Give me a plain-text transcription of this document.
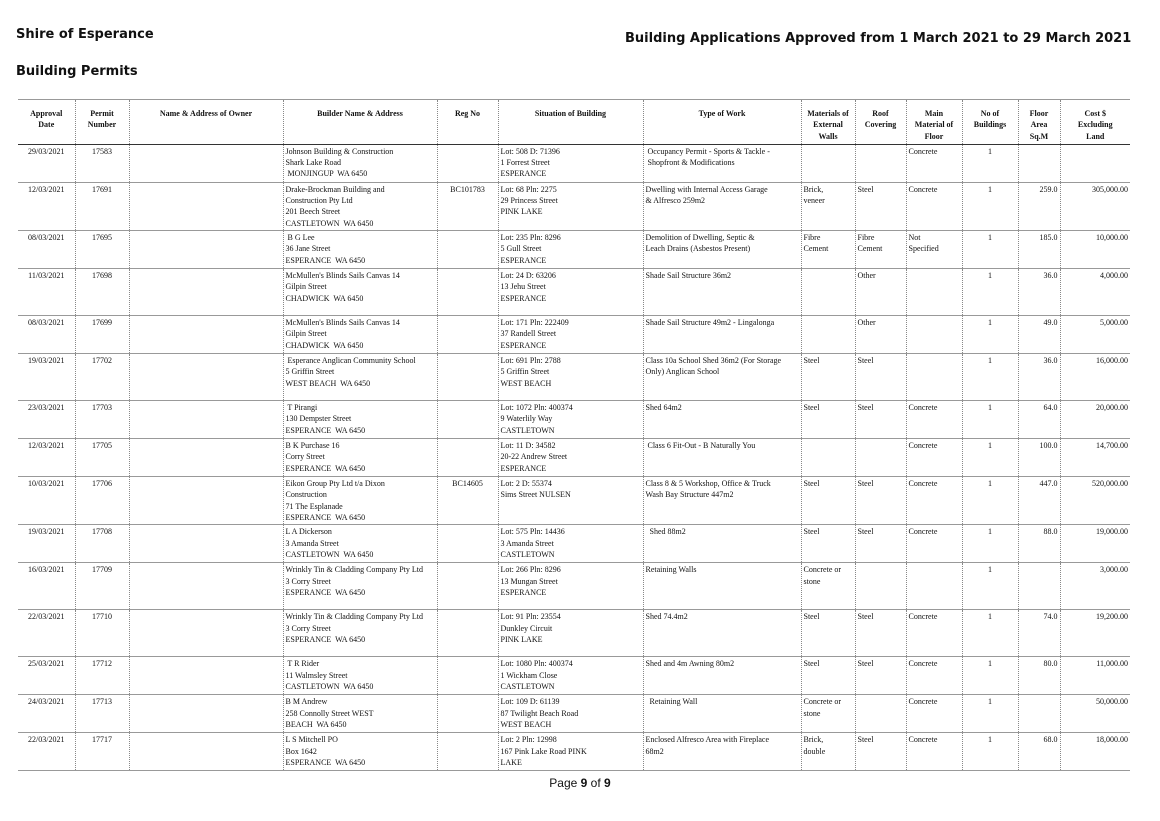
Shire of Esperance
Building Permits
Building Applications Approved from 1 March 2021 to 29 March 2021
Approval
Date	Permit
Number	Name & Address of Owner	Builder Name & Address	Reg No	Situation of Building	Type of Work	Materials of
External
Walls	Roof
Covering	Main
Material of
Floor	No of
Buildings	Floor
Area
Sq.M	Cost $
Excluding
Land

29/03/2021	17583		Johnson Building & Construction
Shark Lake Road
MONJINGUP  WA 6450		Lot: 508 D: 71396
1 Forrest Street
ESPERANCE	Occupancy Permit - Sports & Tackle -
Shopfront & Modifications			Concrete	1		
12/03/2021	17691		Drake-Brockman Building and
Construction Pty Ltd
201 Beech Street
CASTLETOWN  WA 6450	BC101783	Lot: 68 Pln: 2275
29 Princess Street
PINK LAKE	Dwelling with Internal Access Garage
& Alfresco 259m2	Brick,
veneer	Steel	Concrete	1	259.0	305,000.00
08/03/2021	17695		B G Lee
36 Jane Street
ESPERANCE  WA 6450		Lot: 235 Pln: 8296
5 Gull Street
ESPERANCE	Demolition of Dwelling, Septic &
Leach Drains (Asbestos Present)	Fibre
Cement	Fibre
Cement	Not
Specified	1	185.0	10,000.00
11/03/2021	17698		McMullen's Blinds Sails Canvas 14
Gilpin Street
CHADWICK  WA 6450		Lot: 24 D: 63206
13 Jehu Street
ESPERANCE	Shade Sail Structure 36m2		Other		1	36.0	4,000.00
08/03/2021	17699		McMullen's Blinds Sails Canvas 14
Gilpin Street
CHADWICK  WA 6450		Lot: 171 Pln: 222409
37 Randell Street
ESPERANCE	Shade Sail Structure 49m2 - Lingalonga		Other		1	49.0	5,000.00
19/03/2021	17702		Esperance Anglican Community School
5 Griffin Street
WEST BEACH  WA 6450		Lot: 691 Pln: 2788
5 Griffin Street
WEST BEACH	Class 10a School Shed 36m2 (For Storage
Only) Anglican School	Steel	Steel		1	36.0	16,000.00
23/03/2021	17703		T Pirangi
130 Dempster Street
ESPERANCE  WA 6450		Lot: 1072 Pln: 400374
9 Waterlily Way
CASTLETOWN	Shed 64m2	Steel	Steel	Concrete	1	64.0	20,000.00
12/03/2021	17705		B K Purchase 16
Corry Street
ESPERANCE  WA 6450		Lot: 11 D: 34582
20-22 Andrew Street
ESPERANCE	Class 6 Fit-Out - B Naturally You			Concrete	1	100.0	14,700.00
10/03/2021	17706		Eikon Group Pty Ltd t/a Dixon
Construction
71 The Esplanade
ESPERANCE  WA 6450	BC14605	Lot: 2 D: 55374
Sims Street NULSEN	Class 8 & 5 Workshop, Office & Truck
Wash Bay Structure 447m2	Steel	Steel	Concrete	1	447.0	520,000.00
19/03/2021	17708		L A Dickerson
3 Amanda Street
CASTLETOWN  WA 6450		Lot: 575 Pln: 14436
3 Amanda Street
CASTLETOWN	Shed 88m2	Steel	Steel	Concrete	1	88.0	19,000.00
16/03/2021	17709		Wrinkly Tin & Cladding Company Pty Ltd
3 Corry Street
ESPERANCE  WA 6450		Lot: 266 Pln: 8296
13 Mungan Street
ESPERANCE	Retaining Walls	Concrete or
stone			1		3,000.00
22/03/2021	17710		Wrinkly Tin & Cladding Company Pty Ltd
3 Corry Street
ESPERANCE  WA 6450		Lot: 91 Pln: 23554
Dunkley Circuit
PINK LAKE	Shed 74.4m2	Steel	Steel	Concrete	1	74.0	19,200.00
25/03/2021	17712		T R Rider
11 Walmsley Street
CASTLETOWN  WA 6450		Lot: 1080 Pln: 400374
1 Wickham Close
CASTLETOWN	Shed and 4m Awning 80m2	Steel	Steel	Concrete	1	80.0	11,000.00
24/03/2021	17713		B M Andrew
258 Connolly Street WEST
BEACH  WA 6450		Lot: 109 D: 61139
87 Twilight Beach Road
WEST BEACH	Retaining Wall	Concrete or
stone		Concrete	1		50,000.00
22/03/2021	17717		L S Mitchell PO
Box 1642
ESPERANCE  WA 6450		Lot: 2 Pln: 12998
167 Pink Lake Road PINK
LAKE	Enclosed Alfresco Area with Fireplace
68m2	Brick,
double	Steel	Concrete	1	68.0	18,000.00
Page 9 of 9
